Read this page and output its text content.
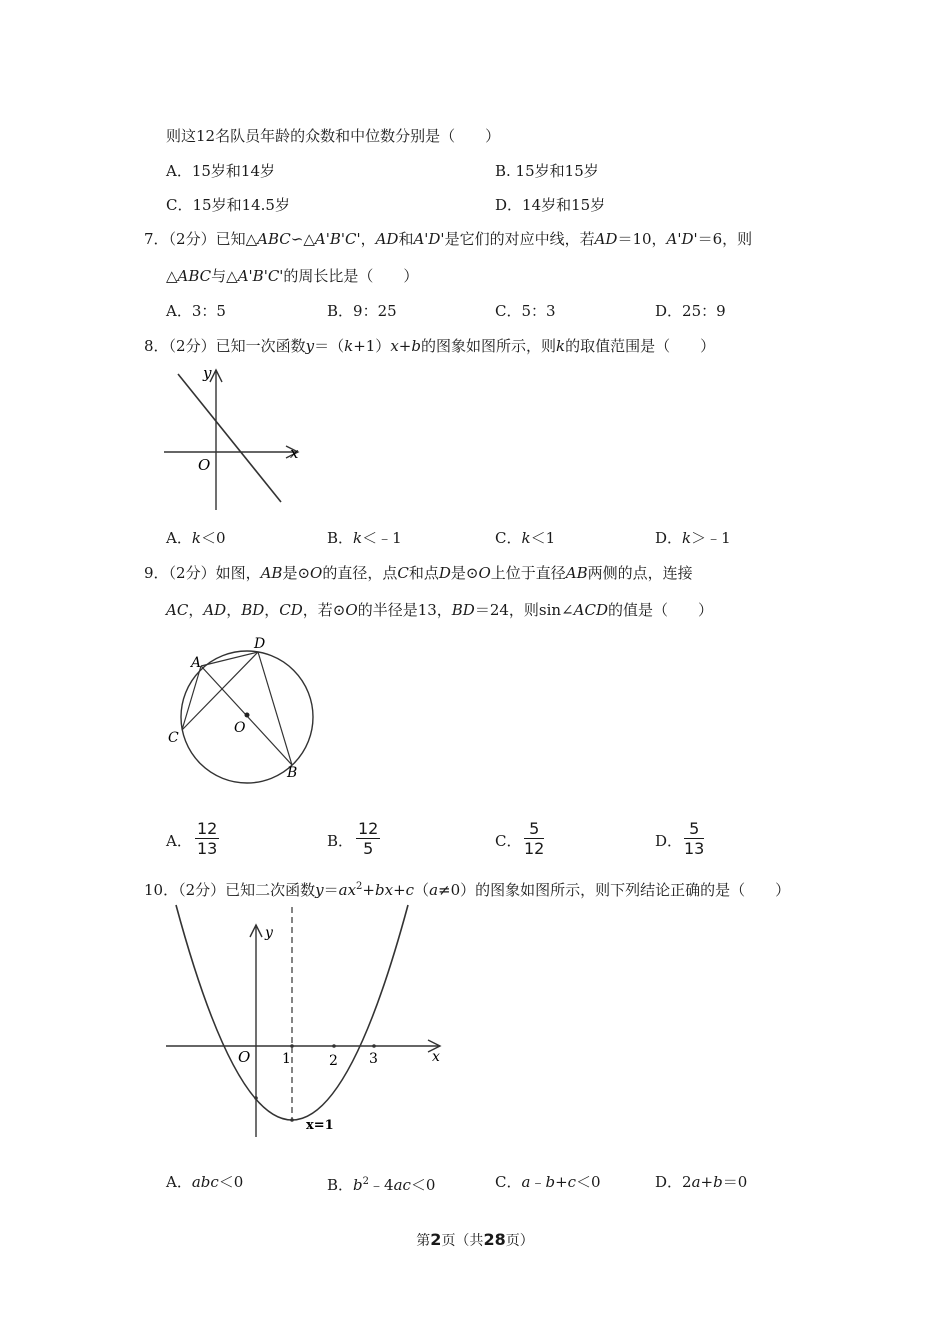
则这12名队员年龄的众数和中位数分别是（　　）
A．15岁和14岁	B. 15岁和15岁
C．15岁和14.5岁	D．14岁和15岁
7．（2分）已知△ABC∽△A'B'C'，AD和A'D'是它们的对应中线，若AD＝10，A'D'＝6，则
△ABC与△A'B'C'的周长比是（　　）
A．3：5	B．9：25	C．5：3	D．25：9
8．（2分）已知一次函数y＝（k+1）x+b的图象如图所示，则k的取值范围是（　　）
y
x
O
A．k＜0	B．k＜﹣1	C．k＜1	D．k＞﹣1
9．（2分）如图，AB是⊙O的直径，点C和点D是⊙O上位于直径AB两侧的点，连接
AC，AD，BD，CD，若⊙O的半径是13，BD＝24，则sin∠ACD的值是（　　）
A
D
C
B
O
A． $\frac{12}{13}$	B． $\frac{12}{5}$	C． $\frac{5}{12}$	D． $\frac{5}{13}$
10．（2分）已知二次函数$y=ax^2+bx+c(a\ne 0)$的图象如图所示，则下列结论正确的是（　　）
y
x
O 1	2 3
x=1
A．abc＜0	B．$b^2﹣4ac<0$	C．a﹣b+c＜0	D．2a+b＝0
第2页（共28页）
